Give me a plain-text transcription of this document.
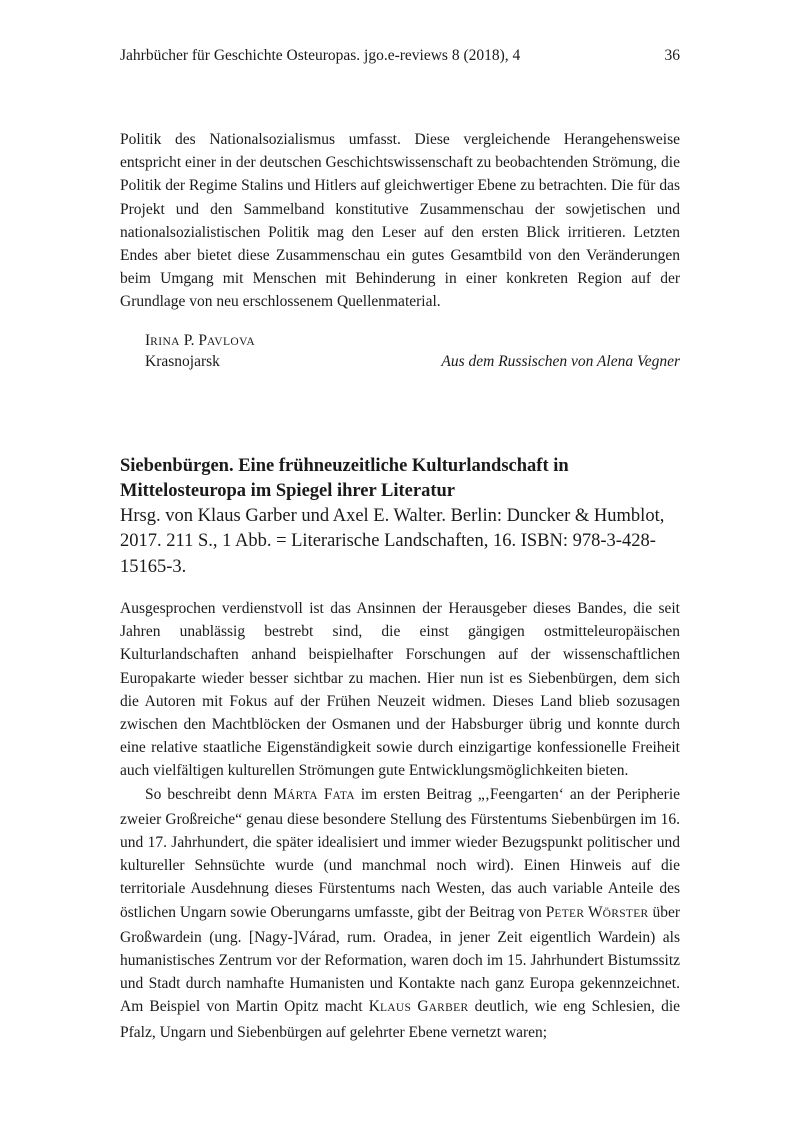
Jahrbücher für Geschichte Osteuropas. jgo.e-reviews 8 (2018), 4	36

Politik des Nationalsozialismus umfasst. Diese vergleichende Herangehensweise entspricht einer in der deutschen Geschichtswissenschaft zu beobachtenden Strömung, die Politik der Regime Stalins und Hitlers auf gleichwertiger Ebene zu betrachten. Die für das Projekt und den Sammelband konstitutive Zusammenschau der sowjetischen und nationalsozialistischen Politik mag den Leser auf den ersten Blick irritieren. Letzten Endes aber bietet diese Zusammenschau ein gutes Gesamtbild von den Veränderungen beim Umgang mit Menschen mit Behinderung in einer konkreten Region auf der Grundlage von neu erschlossenem Quellenmaterial.

IRINA P. PAVLOVA
Krasnojarsk	Aus dem Russischen von Alena Vegner

Siebenbürgen. Eine frühneuzeitliche Kulturlandschaft in Mittelosteuropa im Spiegel ihrer Literatur

Hrsg. von Klaus Garber und Axel E. Walter. Berlin: Duncker & Humblot, 2017. 211 S., 1 Abb. = Literarische Landschaften, 16. ISBN: 978-3-428-15165-3.

Ausgesprochen verdienstvoll ist das Ansinnen der Herausgeber dieses Bandes, die seit Jahren unablässig bestrebt sind, die einst gängigen ostmitteleuropäischen Kulturlandschaften anhand beispielhafter Forschungen auf der wissenschaftlichen Europakarte wieder besser sichtbar zu machen. Hier nun ist es Siebenbürgen, dem sich die Autoren mit Fokus auf der Frühen Neuzeit widmen. Dieses Land blieb sozusagen zwischen den Machtblöcken der Osmanen und der Habsburger übrig und konnte durch eine relative staatliche Eigenständigkeit sowie durch einzigartige konfessionelle Freiheit auch vielfältigen kulturellen Strömungen gute Entwicklungsmöglichkeiten bieten.

So beschreibt denn MÁRTA FATA im ersten Beitrag „‚Feengarten‘ an der Peripherie zweier Großreiche“ genau diese besondere Stellung des Fürstentums Siebenbürgen im 16. und 17. Jahrhundert, die später idealisiert und immer wieder Bezugspunkt politischer und kultureller Sehnsüchte wurde (und manchmal noch wird). Einen Hinweis auf die territoriale Ausdehnung dieses Fürstentums nach Westen, das auch variable Anteile des östlichen Ungarn sowie Oberungarns umfasste, gibt der Beitrag von PETER WÖRSTER über Großwardein (ung. [Nagy-]Várad, rum. Oradea, in jener Zeit eigentlich Wardein) als humanistisches Zentrum vor der Reformation, waren doch im 15. Jahrhundert Bistumssitz und Stadt durch namhafte Humanisten und Kontakte nach ganz Europa gekennzeichnet. Am Beispiel von Martin Opitz macht KLAUS GARBER deutlich, wie eng Schlesien, die Pfalz, Ungarn und Siebenbürgen auf gelehrter Ebene vernetzt waren;
